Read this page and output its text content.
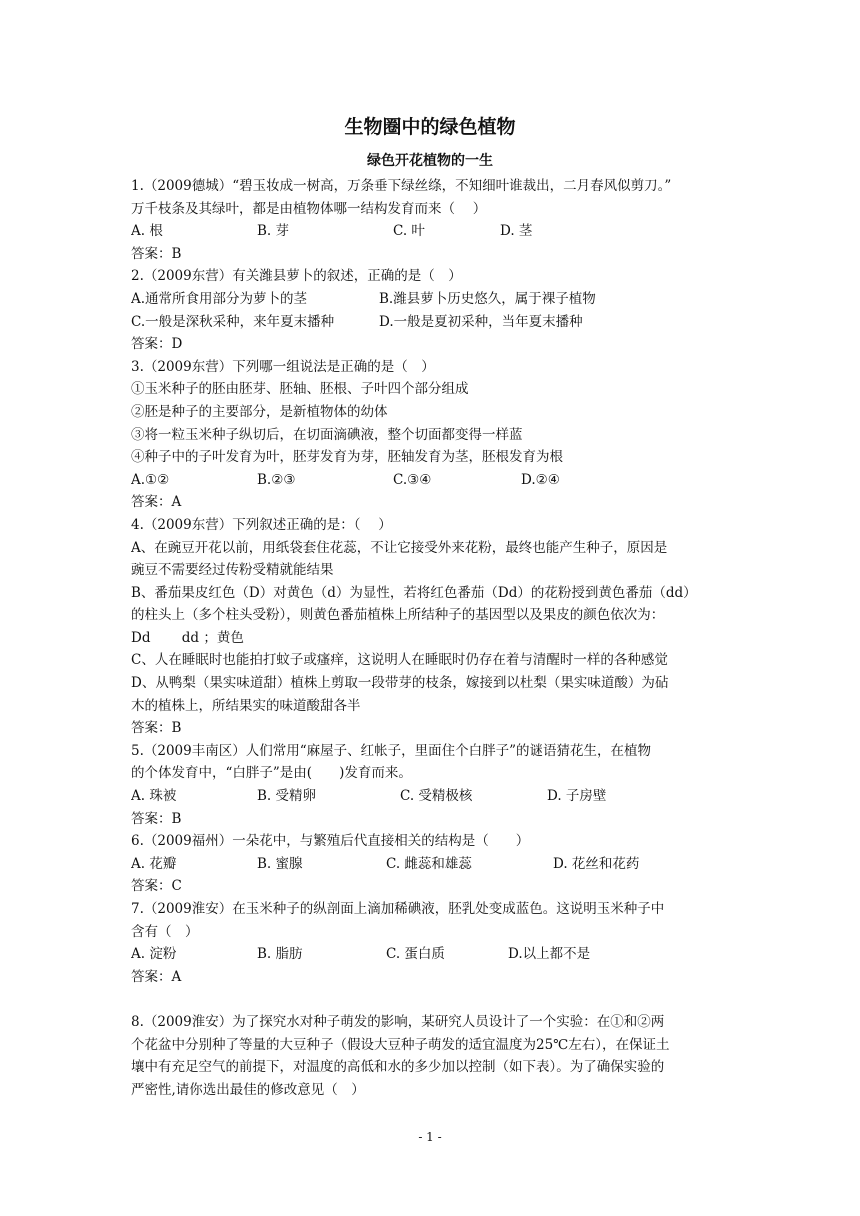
生物圈中的绿色植物
绿色开花植物的一生
1.（2009德城）“碧玉妆成一树高，万条垂下绿丝绦，不知细叶谁裁出，二月春风似剪刀。”
万千枝条及其绿叶，都是由植物体哪一结构发育而来（　 ）
A. 根	B. 芽	C. 叶	D. 茎
答案：B
2.（2009东营）有关潍县萝卜的叙述，正确的是（　）
A.通常所食用部分为萝卜的茎	B.潍县萝卜历史悠久，属于裸子植物
C.一般是深秋采种，来年夏末播种	D.一般是夏初采种，当年夏末播种
答案：D
3.（2009东营）下列哪一组说法是正确的是（　）
①玉米种子的胚由胚芽、胚轴、胚根、子叶四个部分组成
②胚是种子的主要部分，是新植物体的幼体
③将一粒玉米种子纵切后，在切面滴碘液，整个切面都变得一样蓝
④种子中的子叶发育为叶，胚芽发育为芽，胚轴发育为茎，胚根发育为根
A.①②	B.②③	C.③④	D.②④
答案：A
4.（2009东营）下列叙述正确的是：（　 ）
A、在豌豆开花以前，用纸袋套住花蕊，不让它接受外来花粉，最终也能产生种子，原因是
豌豆不需要经过传粉受精就能结果
B、番茄果皮红色（D）对黄色（d）为显性，若将红色番茄（Dd）的花粉授到黄色番茄（dd）
的柱头上（多个柱头受粉），则黄色番茄植株上所结种子的基因型以及果皮的颜色依次为：
Dd　　 dd ；黄色
C、人在睡眠时也能拍打蚊子或瘙痒，这说明人在睡眠时仍存在着与清醒时一样的各种感觉
D、从鸭梨（果实味道甜）植株上剪取一段带芽的枝条，嫁接到以杜梨（果实味道酸）为砧
木的植株上，所结果实的味道酸甜各半
答案：B
5.（2009丰南区）人们常用“麻屋子、红帐子，里面住个白胖子”的谜语猜花生，在植物
的个体发育中，“白胖子”是由(　　)发育而来。
A. 珠被	B. 受精卵	C. 受精极核	D. 子房壁
答案：B
6.（2009福州）一朵花中，与繁殖后代直接相关的结构是（　　）
A. 花瓣	B. 蜜腺	C. 雌蕊和雄蕊	D. 花丝和花药
答案：C
7.（2009淮安）在玉米种子的纵剖面上滴加稀碘液，胚乳处变成蓝色。这说明玉米种子中
含有（　）
A. 淀粉	B. 脂肪	C. 蛋白质	D.以上都不是
答案：A
8.（2009淮安）为了探究水对种子萌发的影响，某研究人员设计了一个实验：在①和②两
个花盆中分别种了等量的大豆种子（假设大豆种子萌发的适宜温度为25℃左右），在保证土
壤中有充足空气的前提下，对温度的高低和水的多少加以控制（如下表）。为了确保实验的
严密性,请你选出最佳的修改意见（　）
- 1 -
